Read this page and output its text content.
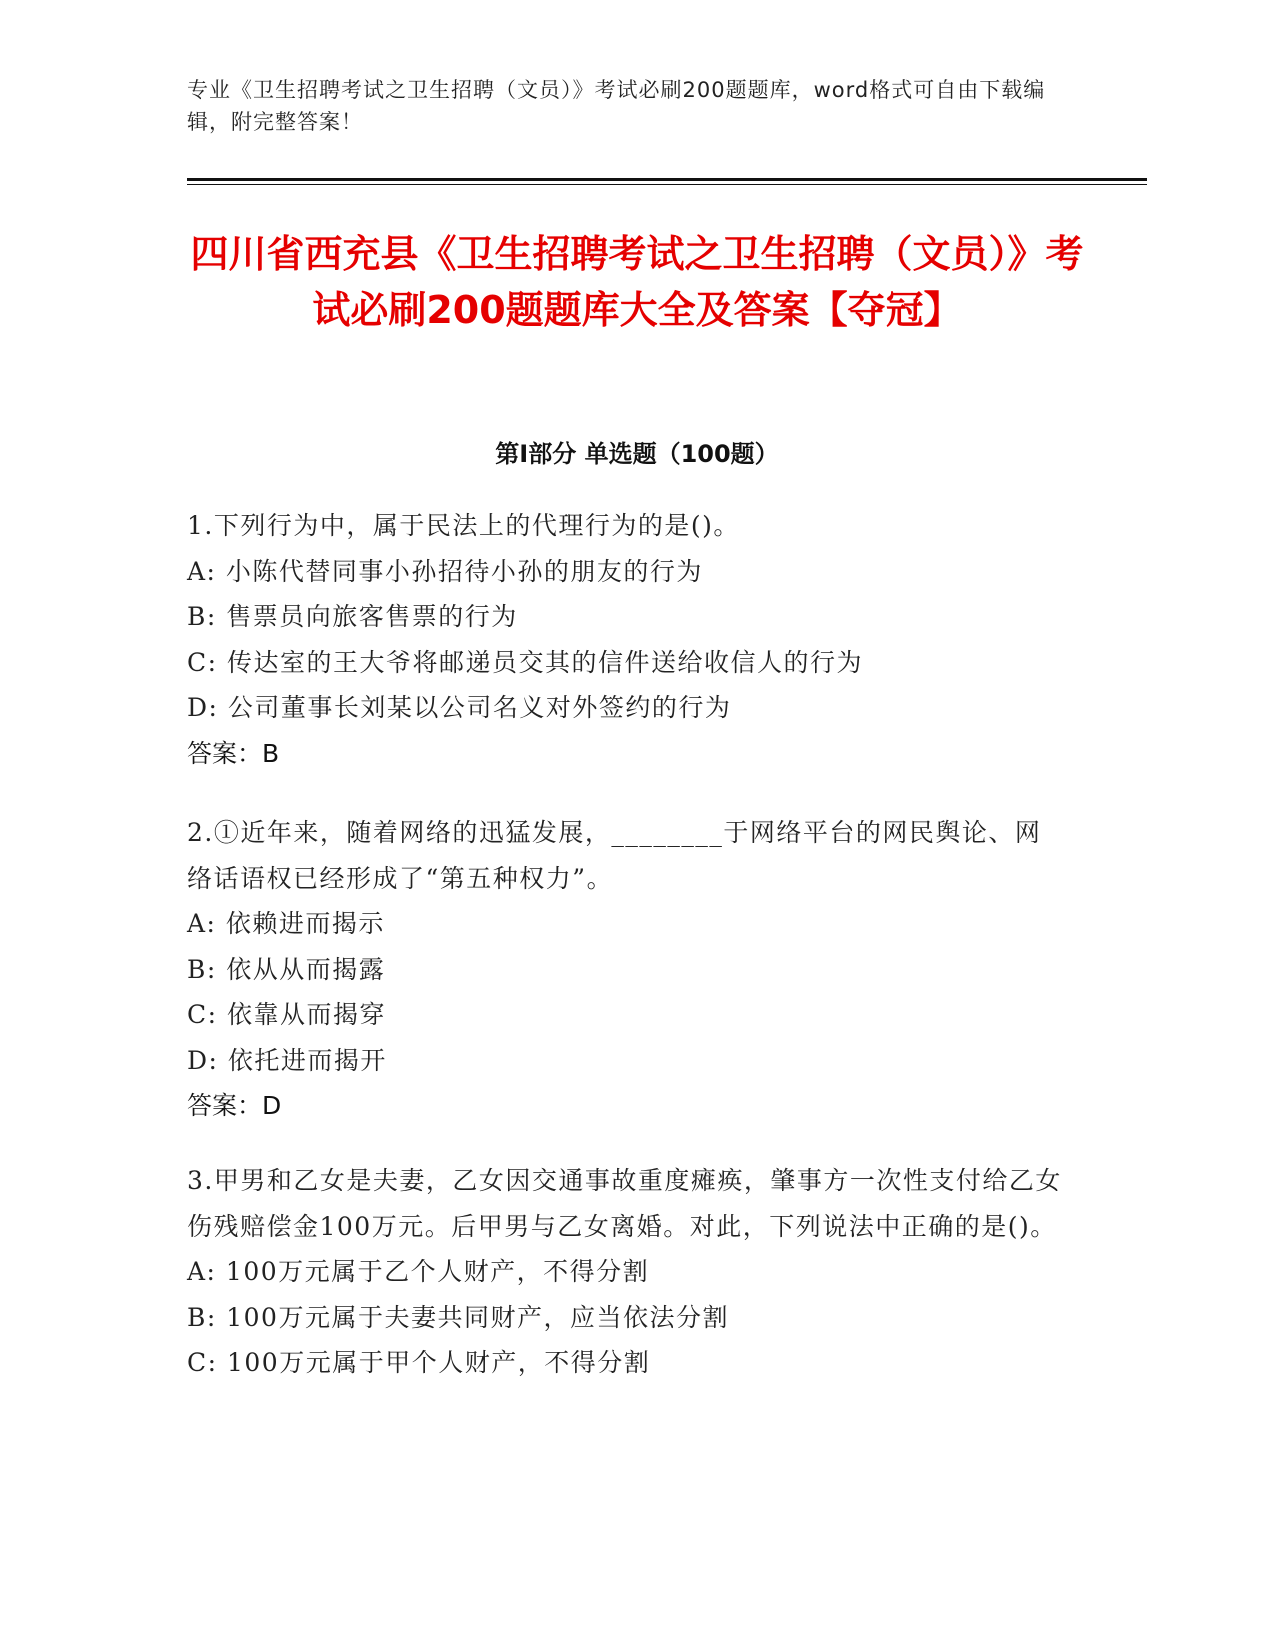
专业《卫生招聘考试之卫生招聘（文员）》考试必刷200题题库，word格式可自由下载编辑，附完整答案！
四川省西充县《卫生招聘考试之卫生招聘（文员）》考试必刷200题题库大全及答案【夺冠】
第I部分 单选题（100题）
1.下列行为中，属于民法上的代理行为的是()。
A: 小陈代替同事小孙招待小孙的朋友的行为
B: 售票员向旅客售票的行为
C: 传达室的王大爷将邮递员交其的信件送给收信人的行为
D: 公司董事长刘某以公司名义对外签约的行为
答案：B
2.①近年来，随着网络的迅猛发展，________于网络平台的网民舆论、网络话语权已经形成了“第五种权力”。
A: 依赖进而揭示
B: 依从从而揭露
C: 依靠从而揭穿
D: 依托进而揭开
答案：D
3.甲男和乙女是夫妻，乙女因交通事故重度瘫痪，肇事方一次性支付给乙女伤残赔偿金100万元。后甲男与乙女离婚。对此，下列说法中正确的是()。
A: 100万元属于乙个人财产，不得分割
B: 100万元属于夫妻共同财产，应当依法分割
C: 100万元属于甲个人财产，不得分割
